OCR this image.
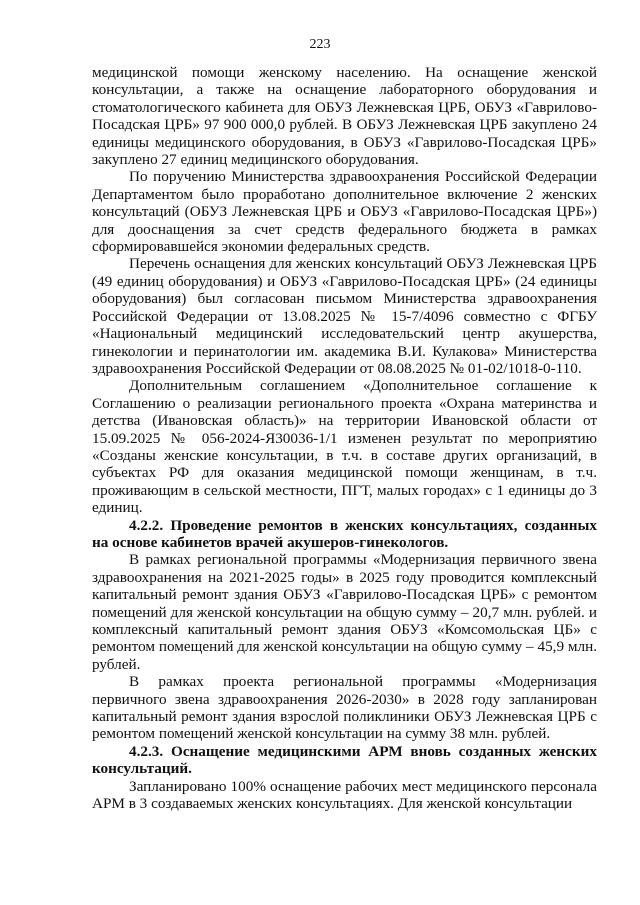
223

медицинской помощи женскому населению. На оснащение женской консультации, а также на оснащение лабораторного оборудования и стоматологического кабинета для ОБУЗ Лежневская ЦРБ, ОБУЗ «Гаврилово-Посадская ЦРБ» 97 900 000,0 рублей. В ОБУЗ Лежневская ЦРБ закуплено 24 единицы медицинского оборудования, в ОБУЗ «Гаврилово-Посадская ЦРБ» закуплено 27 единиц медицинского оборудования.

По поручению Министерства здравоохранения Российской Федерации Департаментом было проработано дополнительное включение 2 женских консультаций (ОБУЗ Лежневская ЦРБ и ОБУЗ «Гаврилово-Посадская ЦРБ») для дооснащения за счет средств федерального бюджета в рамках сформировавшейся экономии федеральных средств.

Перечень оснащения для женских консультаций ОБУЗ Лежневская ЦРБ (49 единиц оборудования) и ОБУЗ «Гаврилово-Посадская ЦРБ» (24 единицы оборудования) был согласован письмом Министерства здравоохранения Российской Федерации от 13.08.2025 № 15-7/4096 совместно с ФГБУ «Национальный медицинский исследовательский центр акушерства, гинекологии и перинатологии им. академика В.И. Кулакова» Министерства здравоохранения Российской Федерации от 08.08.2025 № 01-02/1018-0-110.

Дополнительным соглашением «Дополнительное соглашение к Соглашению о реализации регионального проекта «Охрана материнства и детства (Ивановская область)» на территории Ивановской области от 15.09.2025 № 056-2024-Я30036-1/1 изменен результат по мероприятию «Созданы женские консультации, в т.ч. в составе других организаций, в субъектах РФ для оказания медицинской помощи женщинам, в т.ч. проживающим в сельской местности, ПГТ, малых городах» с 1 единицы до 3 единиц.

4.2.2. Проведение ремонтов в женских консультациях, созданных на основе кабинетов врачей акушеров-гинекологов.

В рамках региональной программы «Модернизация первичного звена здравоохранения на 2021-2025 годы» в 2025 году проводится комплексный капитальный ремонт здания ОБУЗ «Гаврилово-Посадская ЦРБ» с ремонтом помещений для женской консультации на общую сумму – 20,7 млн. рублей. и комплексный капитальный ремонт здания ОБУЗ «Комсомольская ЦБ» с ремонтом помещений для женской консультации на общую сумму – 45,9 млн. рублей.

В рамках проекта региональной программы «Модернизация первичного звена здравоохранения 2026-2030» в 2028 году запланирован капитальный ремонт здания взрослой поликлиники ОБУЗ Лежневская ЦРБ с ремонтом помещений женской консультации на сумму 38 млн. рублей.

4.2.3. Оснащение медицинскими АРМ вновь созданных женских консультаций.

Запланировано 100% оснащение рабочих мест медицинского персонала АРМ в 3 создаваемых женских консультациях. Для женской консультации
